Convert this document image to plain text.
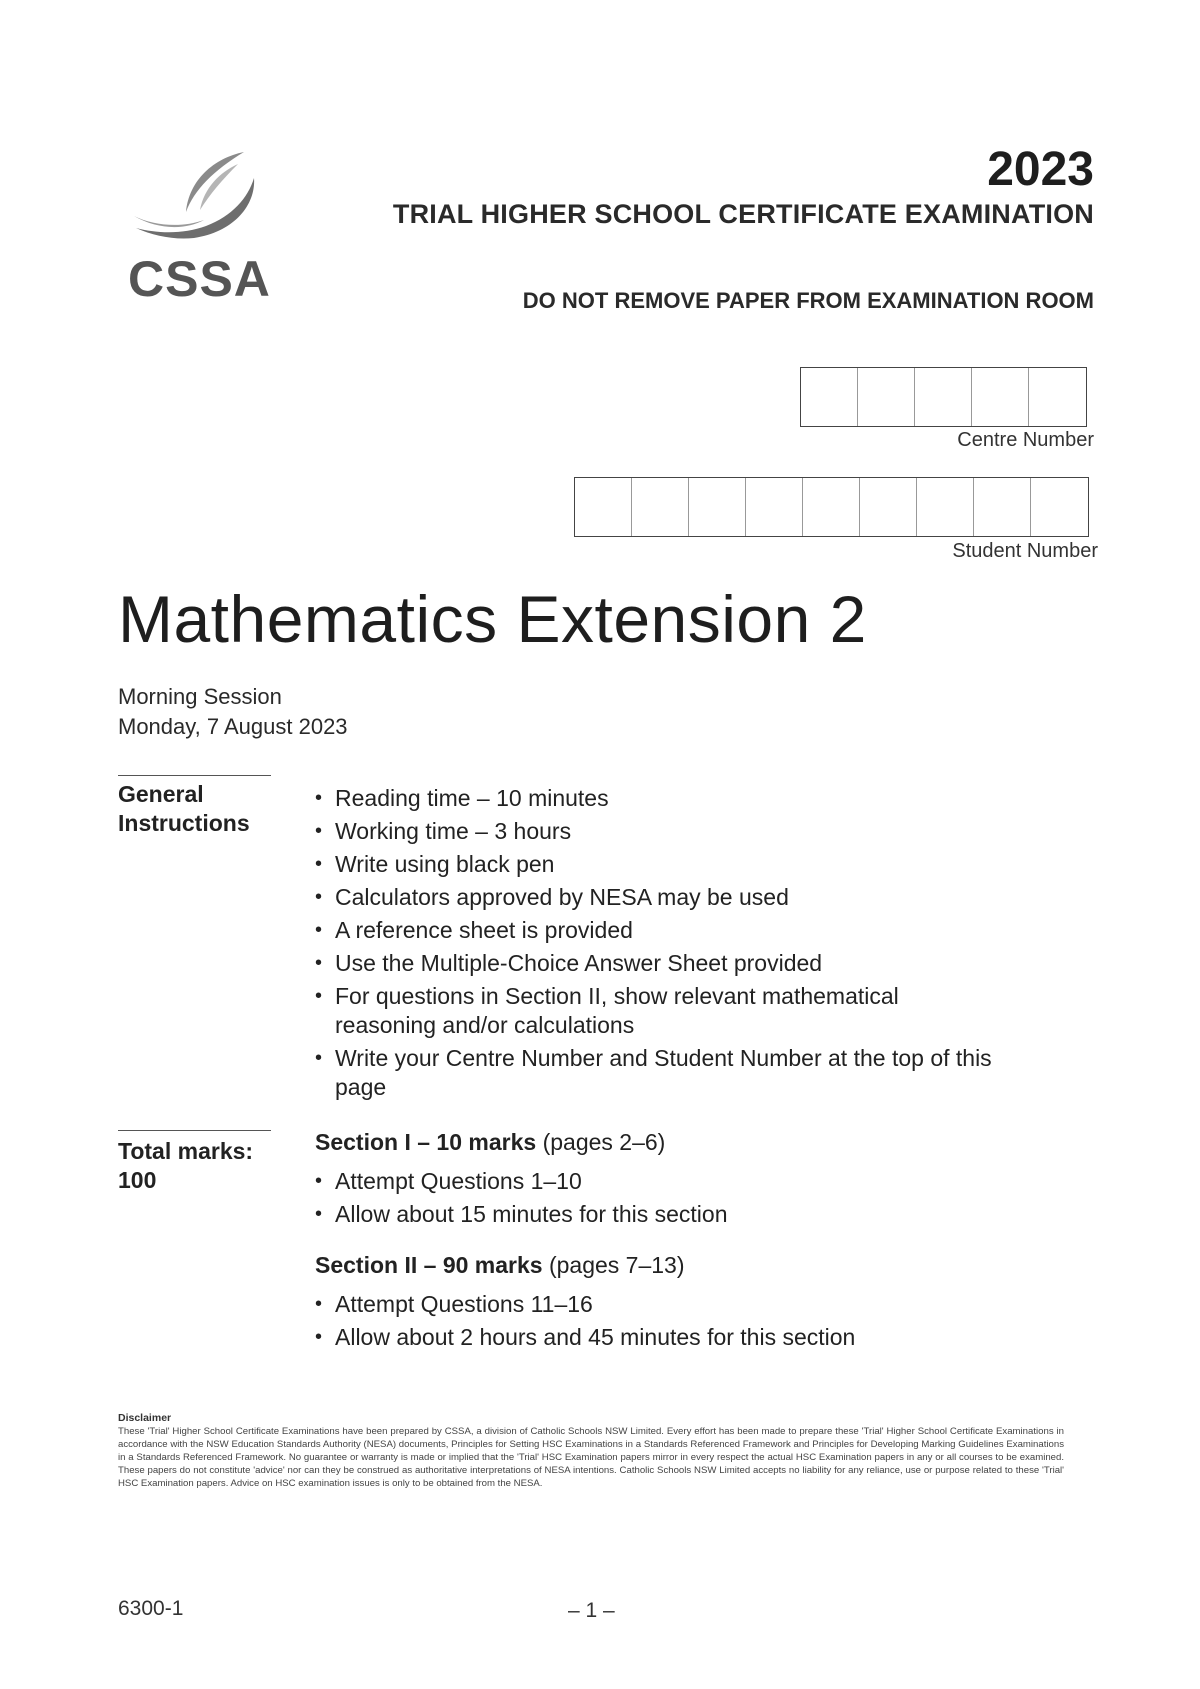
CSSA
2023
TRIAL HIGHER SCHOOL CERTIFICATE EXAMINATION
DO NOT REMOVE PAPER FROM EXAMINATION ROOM
Centre Number
Student Number
Mathematics Extension 2
Morning Session
Monday, 7 August 2023
General Instructions
• Reading time – 10 minutes
• Working time – 3 hours
• Write using black pen
• Calculators approved by NESA may be used
• A reference sheet is provided
• Use the Multiple-Choice Answer Sheet provided
• For questions in Section II, show relevant mathematical reasoning and/or calculations
• Write your Centre Number and Student Number at the top of this page
Total marks: 100
Section I – 10 marks (pages 2–6)
• Attempt Questions 1–10
• Allow about 15 minutes for this section
Section II – 90 marks (pages 7–13)
• Attempt Questions 11–16
• Allow about 2 hours and 45 minutes for this section
Disclaimer
These 'Trial' Higher School Certificate Examinations have been prepared by CSSA, a division of Catholic Schools NSW Limited. Every effort has been made to prepare these 'Trial' Higher School Certificate Examinations in accordance with the NSW Education Standards Authority (NESA) documents, Principles for Setting HSC Examinations in a Standards Referenced Framework and Principles for Developing Marking Guidelines Examinations in a Standards Referenced Framework. No guarantee or warranty is made or implied that the 'Trial' HSC Examination papers mirror in every respect the actual HSC Examination papers in any or all courses to be examined. These papers do not constitute 'advice' nor can they be construed as authoritative interpretations of NESA intentions. Catholic Schools NSW Limited accepts no liability for any reliance, use or purpose related to these 'Trial' HSC Examination papers. Advice on HSC examination issues is only to be obtained from the NESA.
6300-1	– 1 –
